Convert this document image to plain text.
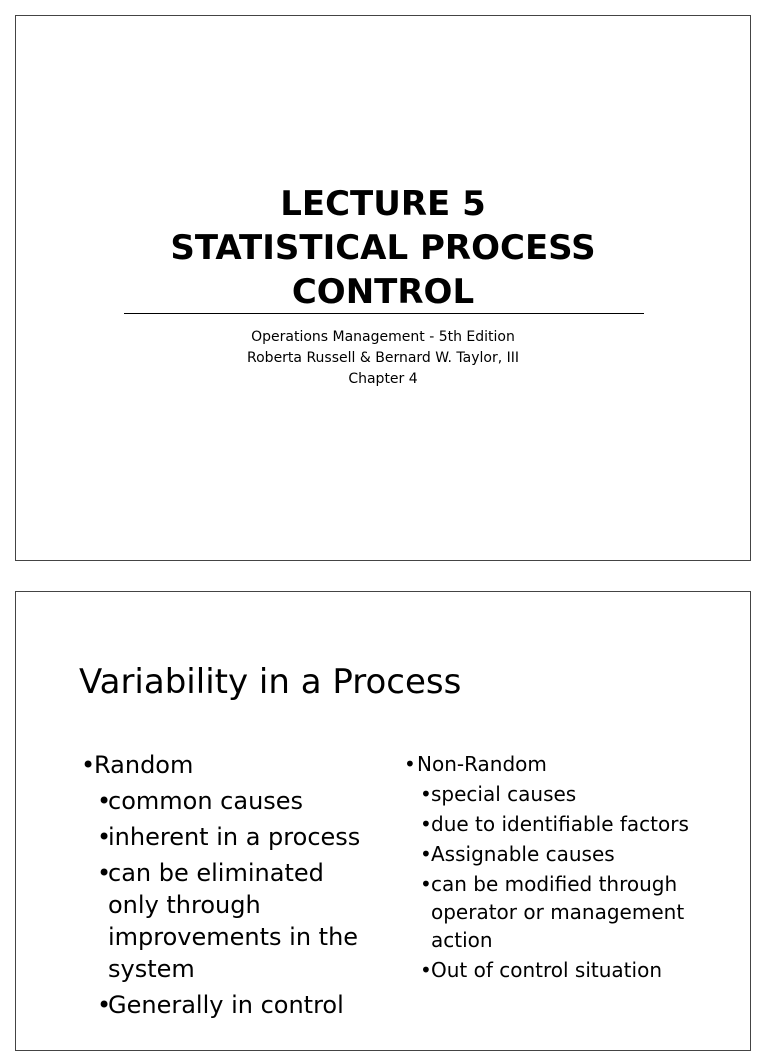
LECTURE 5
STATISTICAL PROCESS
CONTROL
Operations Management - 5th Edition
Roberta Russell & Bernard W. Taylor, III
Chapter 4
Variability in a Process
• Random
• common causes
• inherent in a process
• can be eliminated only through improvements in the system
• Generally in control
• Non-Random
• special causes
• due to identifiable factors
• Assignable causes
• can be modified through operator or management action
• Out of control situation
